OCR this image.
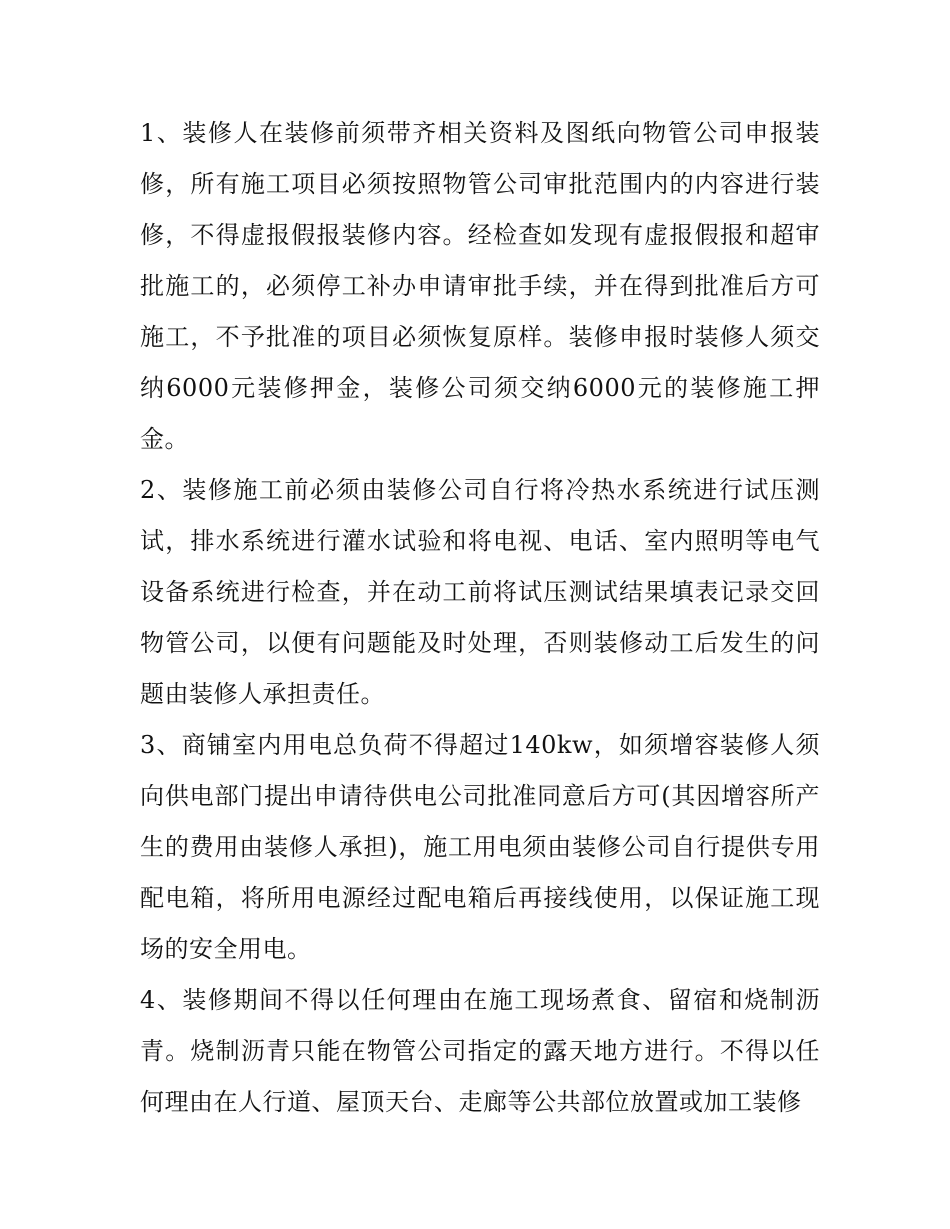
1、装修人在装修前须带齐相关资料及图纸向物管公司申报装修，所有施工项目必须按照物管公司审批范围内的内容进行装修，不得虚报假报装修内容。经检查如发现有虚报假报和超审批施工的，必须停工补办申请审批手续，并在得到批准后方可施工，不予批准的项目必须恢复原样。装修申报时装修人须交纳6000元装修押金，装修公司须交纳6000元的装修施工押金。

2、装修施工前必须由装修公司自行将冷热水系统进行试压测试，排水系统进行灌水试验和将电视、电话、室内照明等电气设备系统进行检查，并在动工前将试压测试结果填表记录交回物管公司，以便有问题能及时处理，否则装修动工后发生的问题由装修人承担责任。

3、商铺室内用电总负荷不得超过140kw，如须增容装修人须向供电部门提出申请待供电公司批准同意后方可(其因增容所产生的费用由装修人承担)，施工用电须由装修公司自行提供专用配电箱，将所用电源经过配电箱后再接线使用，以保证施工现场的安全用电。

4、装修期间不得以任何理由在施工现场煮食、留宿和烧制沥青。烧制沥青只能在物管公司指定的露天地方进行。不得以任何理由在人行道、屋顶天台、走廊等公共部位放置或加工装修
